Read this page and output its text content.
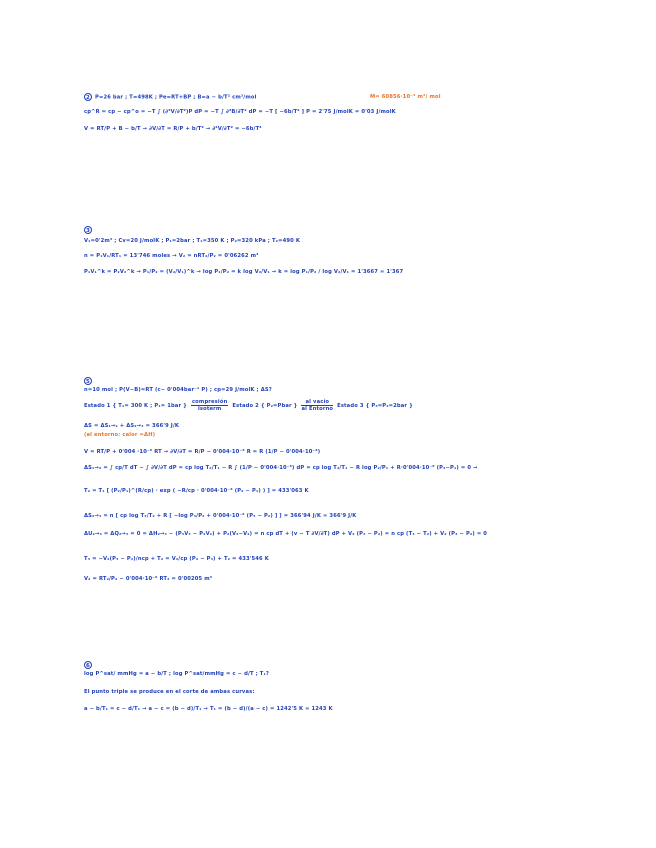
2 P=26 bar ; T=498K ; Pe=RT+BP ; B=a − b/T² cm³/mol	M= 60856·10⁻³ m³/ mol
cp^R = cp − cp^o = −T ∫ (∂²V/∂T²)P dP = −T ∫ ∂²B/∂T² dP = −T [ −6b/T⁴ ] P = 2'75 J/molK = 0'03 J/molK
V = RT/P + B − b/T → ∂V/∂T = R/P + b/T² → ∂²V/∂T² = −6b/T⁴
3
V₁=0'2m³ ; Cv=20 J/molK ; P₁=2bar ; T₁=350 K ; P₂=320 kPa ; T₂=490 K
n = P₁V₁/RT₁ = 13'746 moles → V₂ = nRT₂/P₂ = 0'06262 m³
P₁V₁^k = P₂V₂^k → P₁/P₂ = (V₂/V₁)^k → log P₁/P₂ = k log V₂/V₁ → k = log P₁/P₂ / log V₂/V₁ = 1'3667 ≈ 1'367
5
n=10 mol ; P(V−B)=RT (c− 0'004bar⁻¹ P) ; cp=29 J/molK ; ΔS?
Estado 1 { T₁= 300 K ; P₁= 1bar } $\frac{\text{compresión}}{\text{isoterm}}$ Estado 2 { P₂=Pbar } $\frac{\text{al vacío}}{\text{al Entorno}}$ Estado 3 { P₃=P₂=2bar }
ΔS = ΔS₁→₂ + ΔS₂→₃ = 366'9 J/K
(al entorno: calor =ΔH)
V = RT/P + 0'004 ·10⁻⁶ RT → ∂V/∂T = R/P − 0'004·10⁻⁶ R = R (1/P − 0'004·10⁻⁶)
ΔS₁→₂ = ∫ cp/T dT − ∫ ∂V/∂T dP = cp log T₂/T₁ − R ∫ (1/P − 0'004·10⁻⁶) dP = cp log T₂/T₁ − R log P₂/P₁ + R·0'004·10⁻⁶ (P₂−P₁) = 0 →
T₂ = T₁ [ (P₂/P₁)^(R/cp) · exp ( −R/cp · 0'004·10⁻⁶ (P₂ − P₁) ) ] = 433'063 K
ΔS₂→₃ = n [ cp log T₃/T₂ + R [ −log P₃/P₂ + 0'004·10⁻⁶ (P₃ − P₂) ] ] = 366'94 J/K ≈ 366'9 J/K
ΔU₂→₃ = ΔQ₂→₃ = 0 = ΔH₂→₃ − (P₃V₃ − P₂V₂) + P₂(V₃−V₂) = n cp dT + (v − T ∂V/∂T) dP + V₂ (P₃ − P₂) = n cp (T₃ − T₂) + V₂ (P₃ − P₂) = 0
T₃ = −V₂(P₃ − P₂)/ncp + T₂ = V₂/cp (P₂ − P₃) + T₂ = 433'546 K
V₂ = RT₂/P₂ − 0'004·10⁻⁶ RT₂ = 0'00205 m³
6
log P^sat/ mmHg = a − b/T ; log P^sat/mmHg = c − d/T ; T₁?
El punto triple se produce en el corte de ambas curvas:
a − b/T₁ = c − d/T₁ → a − c = (b − d)/T₁ → T₁ = (b − d)/(a − c) = 1242'5 K ≈ 1243 K
